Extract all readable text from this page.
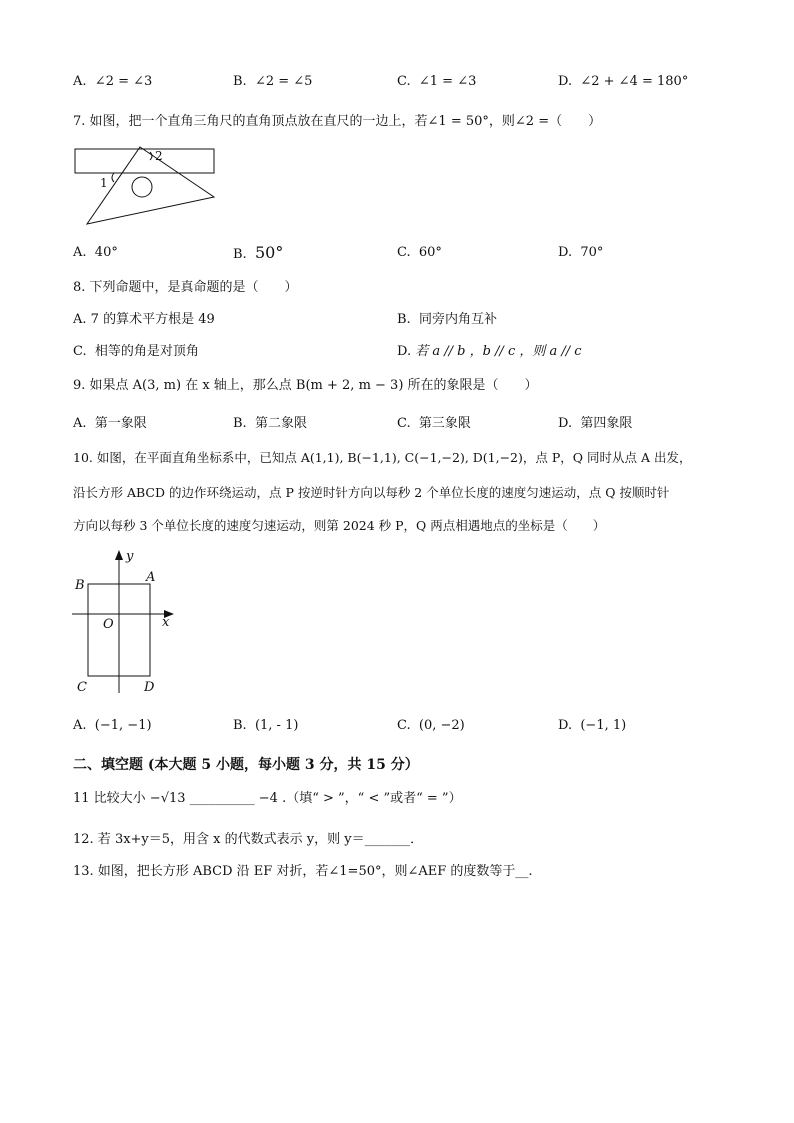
A. ∠2 = ∠3	B. ∠2 = ∠5	C. ∠1 = ∠3	D. ∠2 + ∠4 = 180°
7. 如图，把一个直角三角尺的直角顶点放在直尺的一边上，若∠1 = 50°，则∠2 =（　　）
1
2
A. 40°	B. 50°	C. 60°	D. 70°
8. 下列命题中，是真命题的是（　　）
A. 7 的算术平方根是 49	B. 同旁内角互补
C. 相等的角是对顶角	D. 若 a // b ，b // c ，则 a // c
9. 如果点 A(3, m) 在 x 轴上，那么点 B(m + 2, m − 3) 所在的象限是（　　）
A. 第一象限	B. 第二象限	C. 第三象限	D. 第四象限
10. 如图，在平面直角坐标系中，已知点 A(1,1), B(−1,1), C(−1,−2), D(1,−2)，点 P，Q 同时从点 A 出发，
沿长方形 ABCD 的边作环绕运动，点 P 按逆时针方向以每秒 2 个单位长度的速度匀速运动，点 Q 按顺时针
方向以每秒 3 个单位长度的速度匀速运动，则第 2024 秒 P，Q 两点相遇地点的坐标是（　　）
y
x
O
A
B
C	D
A. (−1, −1)	B. (1, - 1)	C. (0, −2)	D. (−1, 1)
二、填空题 (本大题 5 小题，每小题 3 分，共 15 分）
11 比较大小 −√13 __________ −4 .（填“ > ”，“ < ”或者“ = ”）
12. 若 3x+y＝5，用含 x 的代数式表示 y，则 y＝_______．
13. 如图，把长方形 ABCD 沿 EF 对折，若∠1=50°，则∠AEF 的度数等于__.
